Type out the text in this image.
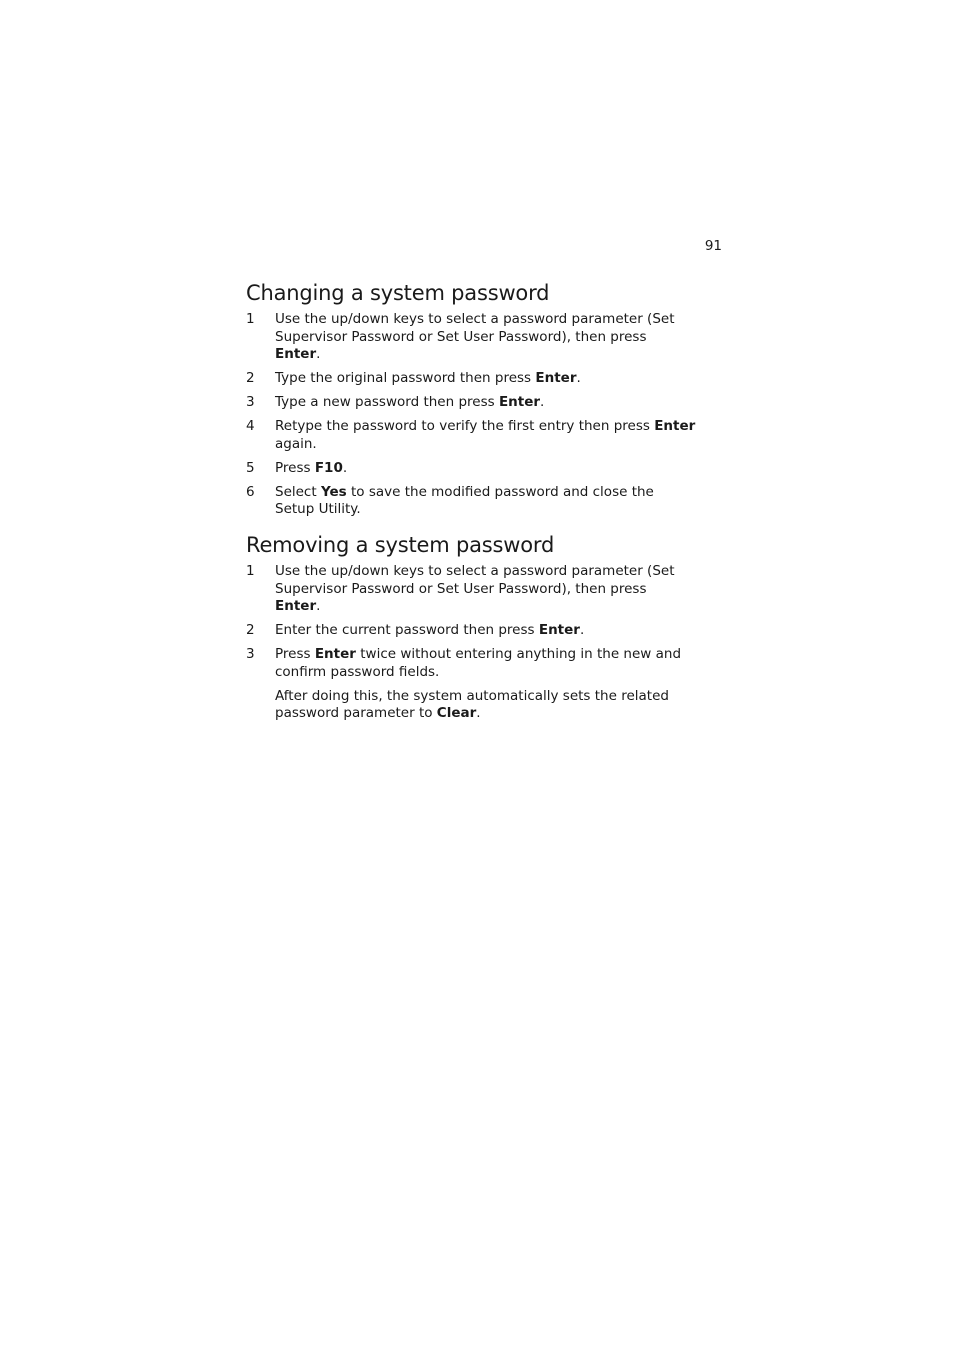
91
Changing a system password
1	Use the up/down keys to select a password parameter (Set Supervisor Password or Set User Password), then press Enter.
2	Type the original password then press Enter.
3	Type a new password then press Enter.
4	Retype the password to verify the first entry then press Enter again.
5	Press F10.
6	Select Yes to save the modified password and close the Setup Utility.
Removing a system password
1	Use the up/down keys to select a password parameter (Set Supervisor Password or Set User Password), then press Enter.
2	Enter the current password then press Enter.
3	Press Enter twice without entering anything in the new and confirm password fields.

After doing this, the system automatically sets the related password parameter to Clear.
